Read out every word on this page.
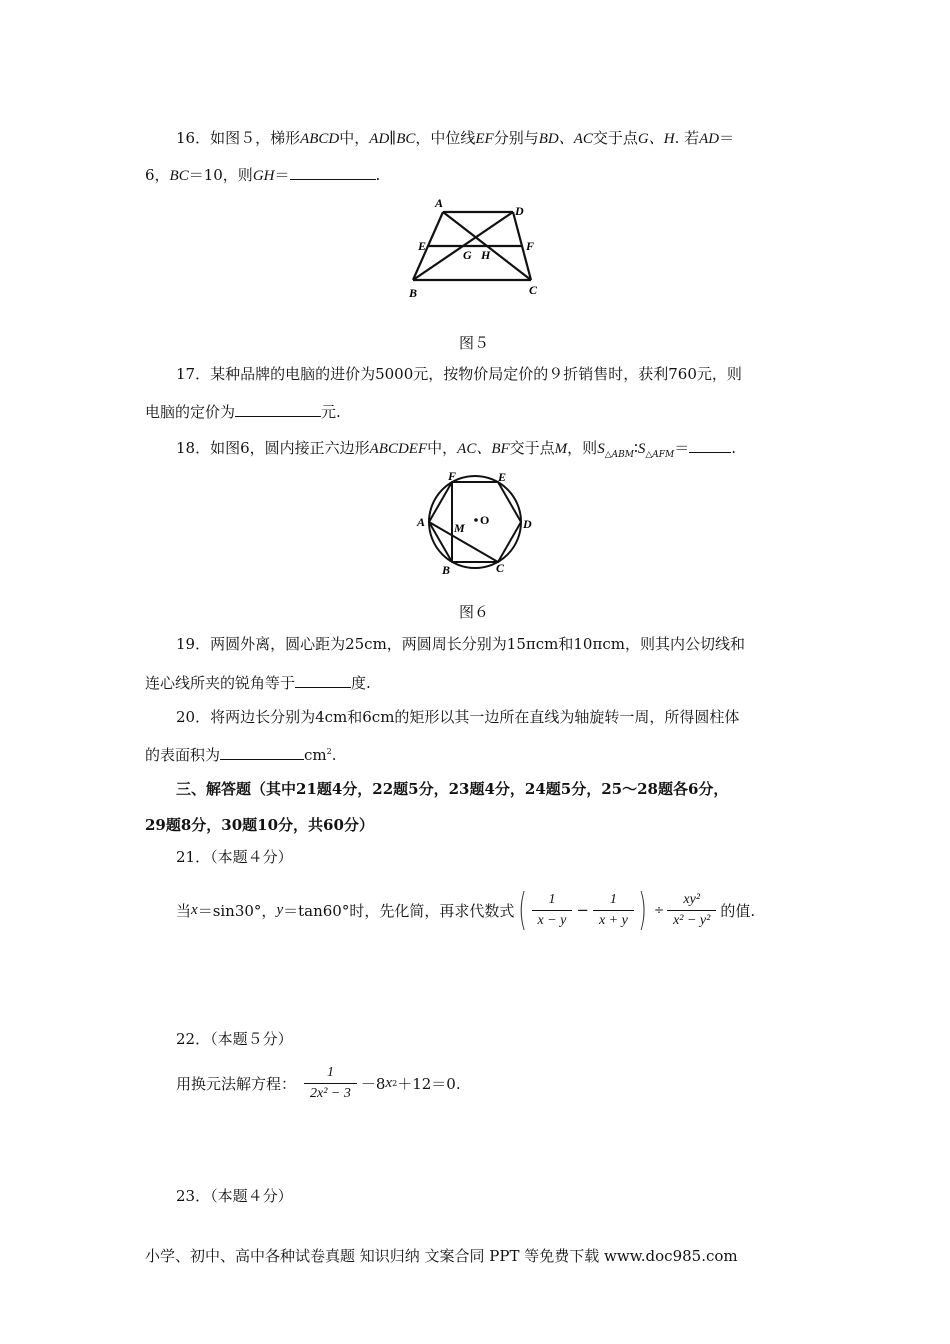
16．如图５，梯形ABCD中，AD∥BC，中位线EF分别与BD、AC交于点G、H. 若AD＝
6，BC＝10，则GH＝	.
A
D
E	F
G H
B	C
图５
17．某种品牌的电脑的进价为5000元，按物价局定价的９折销售时，获利760元，则
电脑的定价为	元.
18．如图6，圆内接正六边形ABCDEF中，AC、BF交于点M，则$S_{\triangle ABM}∶S_{\triangle AFM}=$	.
F	E
A M
O	D
B	C
图６
19．两圆外离，圆心距为25cm，两圆周长分别为15πcm和10πcm，则其内公切线和
连心线所夹的锐角等于	度.
20．将两边长分别为4cm和6cm的矩形以其一边所在直线为轴旋转一周，所得圆柱体
的表面积为	$cm^2$.
三、解答题（其中21题4分，22题5分，23题4分，24题5分，25～28题各6分，
29题8分，30题10分，共60分）
21．（本题４分）
当 x ＝sin30°， y ＝tan60°时，先化简，再求代数式 ( $\frac{1}{x - y} - \frac{1}{x + y}$ ) ÷ $\frac{\text{xy²}}{\text{x² − y²}}$ 的值.
22．（本题５分）
用换元法解方程： $\frac{1}{\text{2x² − 3}} -8$ x 2 ＋12＝0.
23．（本题４分）
小学、初中、高中各种试卷真题 知识归纳 文案合同 PPT 等免费下载 www.doc985.com
